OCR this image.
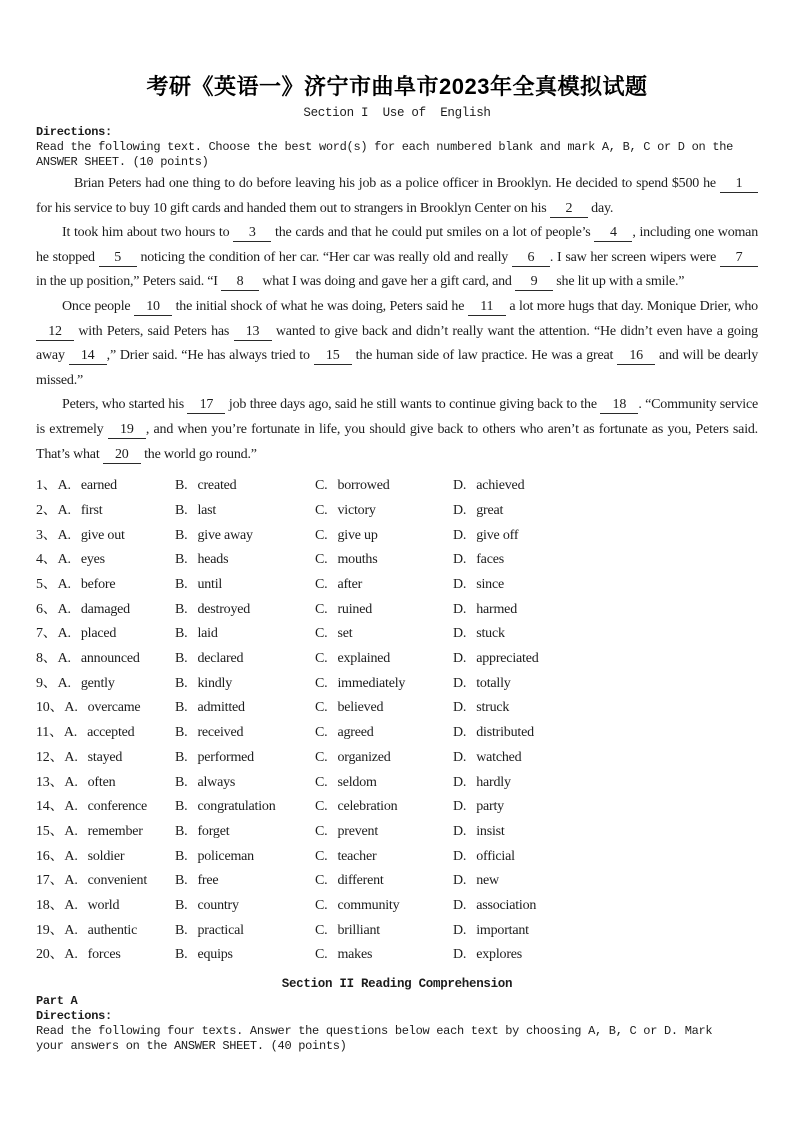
考研《英语一》济宁市曲阜市2023年全真模拟试题
Section I  Use of  English
Directions:
Read the following text. Choose the best word(s) for each numbered blank and mark A, B, C or D on the
ANSWER SHEET. (10 points)
Brian Peters had one thing to do before leaving his job as a police officer in Brooklyn. He decided to spend $500 he 1 for his service to buy 10 gift cards and handed them out to strangers in Brooklyn Center on his 2 day.
It took him about two hours to 3 the cards and that he could put smiles on a lot of people’s 4 , including one woman he stopped 5 noticing the condition of her car. “Her car was really old and really 6 . I saw her screen wipers were 7 in the up position,” Peters said. “I 8 what I was doing and gave her a gift card, and 9 she lit up with a smile.”
Once people 10 the initial shock of what he was doing, Peters said he 11 a lot more hugs that day. Monique Drier, who 12 with Peters, said Peters has 13 wanted to give back and didn’t really want the attention. “He didn’t even have a going away 14 ,” Drier said. “He has always tried to 15 the human side of law practice. He was a great 16 and will be dearly missed.”
Peters, who started his 17 job three days ago, said he still wants to continue giving back to the 18 . “Community service is extremely 19 , and when you’re fortunate in life, you should give back to others who aren’t as fortunate as you, Peters said. That’s what 20 the world go round.”
1、A. earned	B. created	C. borrowed	D. achieved
2、A. first	B. last	C. victory	D. great
3、A. give out	B. give away	C. give up	D. give off
4、A. eyes	B. heads	C. mouths	D. faces
5、A. before	B. until	C. after	D. since
6、A. damaged	B. destroyed	C. ruined	D. harmed
7、A. placed	B. laid	C. set	D. stuck
8、A. announced	B. declared	C. explained	D. appreciated
9、A. gently	B. kindly	C. immediately	D. totally
10、A. overcame	B. admitted	C. believed	D. struck
11、A. accepted	B. received	C. agreed	D. distributed
12、A. stayed	B. performed	C. organized	D. watched
13、A. often	B. always	C. seldom	D. hardly
14、A. conference	B. congratulation	C. celebration	D. party
15、A. remember	B. forget	C. prevent	D. insist
16、A. soldier	B. policeman	C. teacher	D. official
17、A. convenient	B. free	C. different	D. new
18、A. world	B. country	C. community	D. association
19、A. authentic	B. practical	C. brilliant	D. important
20、A. forces	B. equips	C. makes	D. explores
Section II Reading Comprehension
Part A
Directions:
Read the following four texts. Answer the questions below each text by choosing A, B, C or D. Mark
your answers on the ANSWER SHEET. (40 points)
